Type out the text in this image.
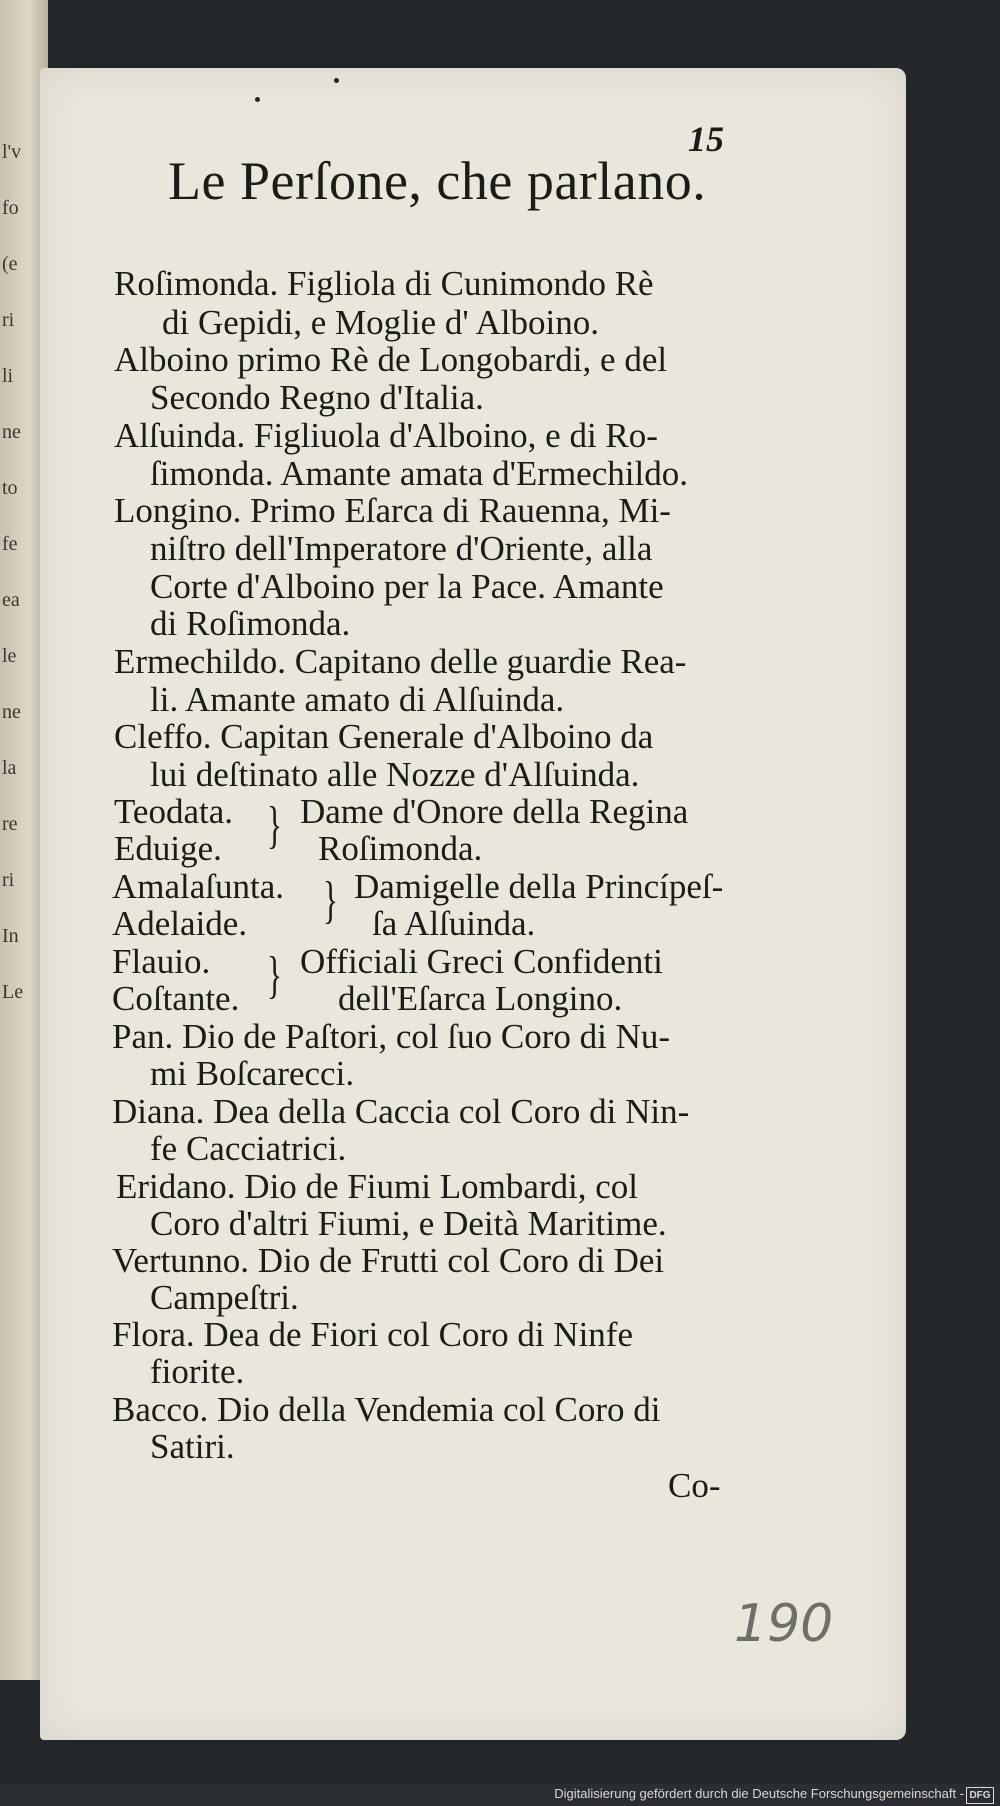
l'v
fo
(e
ri
li
ne
to
fe
ea
le
ne
la
re
ri
In
Le
15
Le Perſone, che parlano.
Roſimonda. Figliola di Cunimondo Rè
di Gepidi, e Moglie d' Alboino.
Alboino primo Rè de Longobardi, e del
Secondo Regno d'Italia.
Alſuinda. Figliuola d'Alboino, e di Ro-
ſimonda. Amante amata d'Ermechildo.
Longino. Primo Eſarca di Rauenna, Mi-
niſtro dell'Imperatore d'Oriente, alla
Corte d'Alboino per la Pace. Amante
di Roſimonda.
Ermechildo. Capitano delle guardie Rea-
li. Amante amato di Alſuinda.
Cleffo. Capitan Generale d'Alboino da
lui deſtinato alle Nozze d'Alſuinda.
Teodata. Dame d'Onore della Regina
Eduige.	Roſimonda.
}
Amalaſunta. Damigelle della Princípeſ-
Adelaide.	ſa Alſuinda.
}
Flauio.	Officiali Greci Confidenti
Coſtante.	dell'Eſarca Longino.
}
Pan. Dio de Paſtori, col ſuo Coro di Nu-
mi Boſcarecci.
Diana. Dea della Caccia col Coro di Nin-
fe Cacciatrici.
Eridano. Dio de Fiumi Lombardi, col
Coro d'altri Fiumi, e Deità Maritime.
Vertunno. Dio de Frutti col Coro di Dei
Campeſtri.
Flora. Dea de Fiori col Coro di Ninfe
fiorite.
Bacco. Dio della Vendemia col Coro di
Satiri.
Co-
190
Digitalisierung gefördert durch die Deutsche Forschungsgemeinschaft - DFG
